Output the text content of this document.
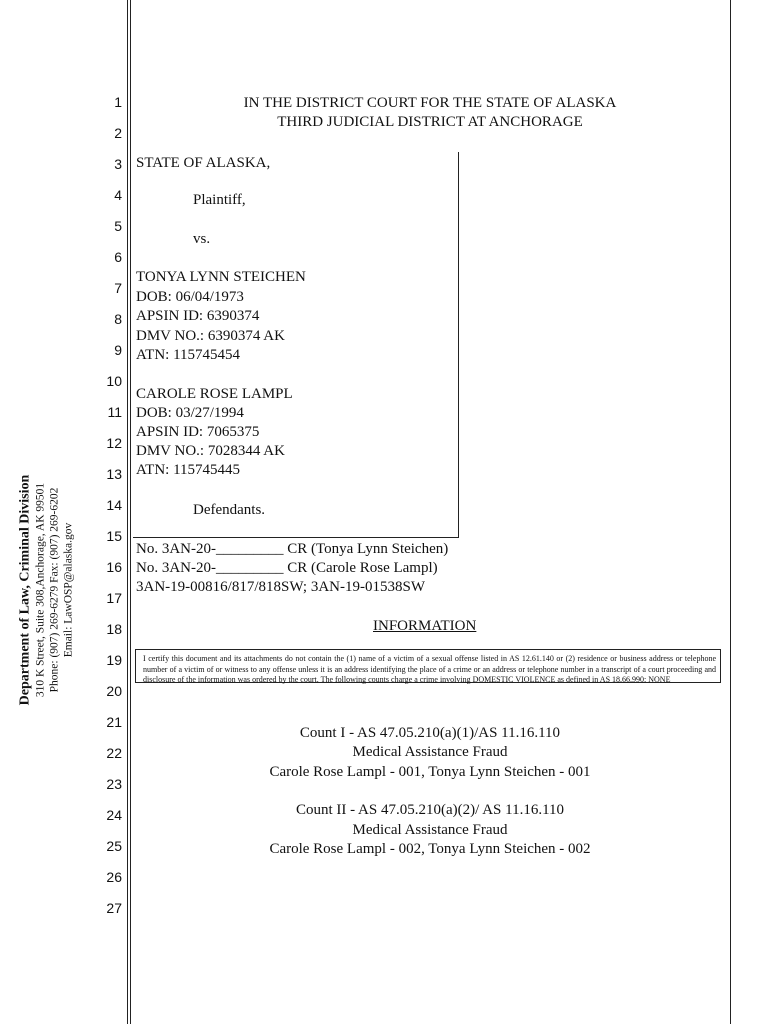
Department of Law, Criminal Division 310 K Street, Suite 308,Anchorage, AK 99501 Phone: (907) 269-6279 Fax: (907) 269-6202 Email: LawOSP@alaska.gov
1
2
3
4
5
6
7
8
9
10
11
12
13
14
15
16
17
18
19
20
21
22
23
24
25
26
27
IN THE DISTRICT COURT FOR THE STATE OF ALASKA
THIRD JUDICIAL DISTRICT AT ANCHORAGE
STATE OF ALASKA,
Plaintiff,
vs.
TONYA LYNN STEICHEN
DOB: 06/04/1973
APSIN ID: 6390374
DMV NO.: 6390374 AK
ATN: 115745454
CAROLE ROSE LAMPL
DOB: 03/27/1994
APSIN ID: 7065375
DMV NO.: 7028344 AK
ATN: 115745445
Defendants.
No. 3AN-20-_________ CR (Tonya Lynn Steichen)
No. 3AN-20-_________ CR (Carole Rose Lampl)
3AN-19-00816/817/818SW; 3AN-19-01538SW
INFORMATION
I certify this document and its attachments do not contain the (1) name of a victim of a sexual offense listed in AS 12.61.140 or (2) residence or business address or telephone number of a victim of or witness to any offense unless it is an address identifying the place of a crime or an address or telephone number in a transcript of a court proceeding and disclosure of the information was ordered by the court. The following counts charge a crime involving DOMESTIC VIOLENCE as defined in AS 18.66.990: NONE
Count I - AS 47.05.210(a)(1)/AS 11.16.110
Medical Assistance Fraud
Carole Rose Lampl - 001, Tonya Lynn Steichen - 001
Count II - AS 47.05.210(a)(2)/ AS 11.16.110
Medical Assistance Fraud
Carole Rose Lampl - 002, Tonya Lynn Steichen - 002
